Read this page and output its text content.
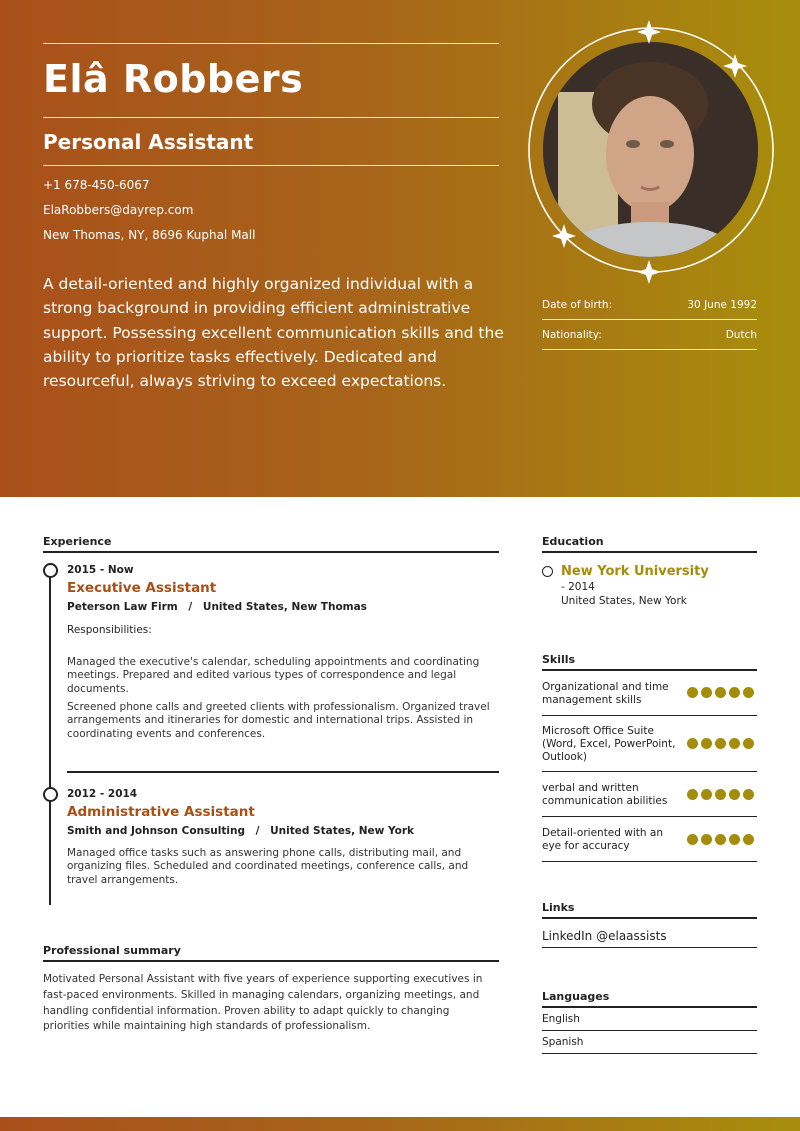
Elâ Robbers
Personal Assistant
+1 678-450-6067
ElaRobbers@dayrep.com
New Thomas, NY, 8696 Kuphal Mall
A detail-oriented and highly organized individual with a strong background in providing efficient administrative support. Possessing excellent communication skills and the ability to prioritize tasks effectively. Dedicated and resourceful, always striving to exceed expectations.
Date of birth:	30 June 1992
Nationality:	Dutch
Experience
2015 - Now
Executive Assistant
Peterson Law Firm / United States, New Thomas
Responsibilities:
Managed the executive's calendar, scheduling appointments and coordinating meetings. Prepared and edited various types of correspondence and legal documents.
Screened phone calls and greeted clients with professionalism. Organized travel arrangements and itineraries for domestic and international trips. Assisted in coordinating events and conferences.
2012 - 2014
Administrative Assistant
Smith and Johnson Consulting / United States, New York
Managed office tasks such as answering phone calls, distributing mail, and organizing files. Scheduled and coordinated meetings, conference calls, and travel arrangements.
Professional summary
Motivated Personal Assistant with five years of experience supporting executives in fast-paced environments. Skilled in managing calendars, organizing meetings, and handling confidential information. Proven ability to adapt quickly to changing priorities while maintaining high standards of professionalism.
Education
New York University
- 2014
United States, New York
Skills
Organizational and time management skills
Microsoft Office Suite (Word, Excel, PowerPoint, Outlook)
verbal and written communication abilities
Detail-oriented with an eye for accuracy
Links
LinkedIn @elaassists
Languages
English
Spanish
